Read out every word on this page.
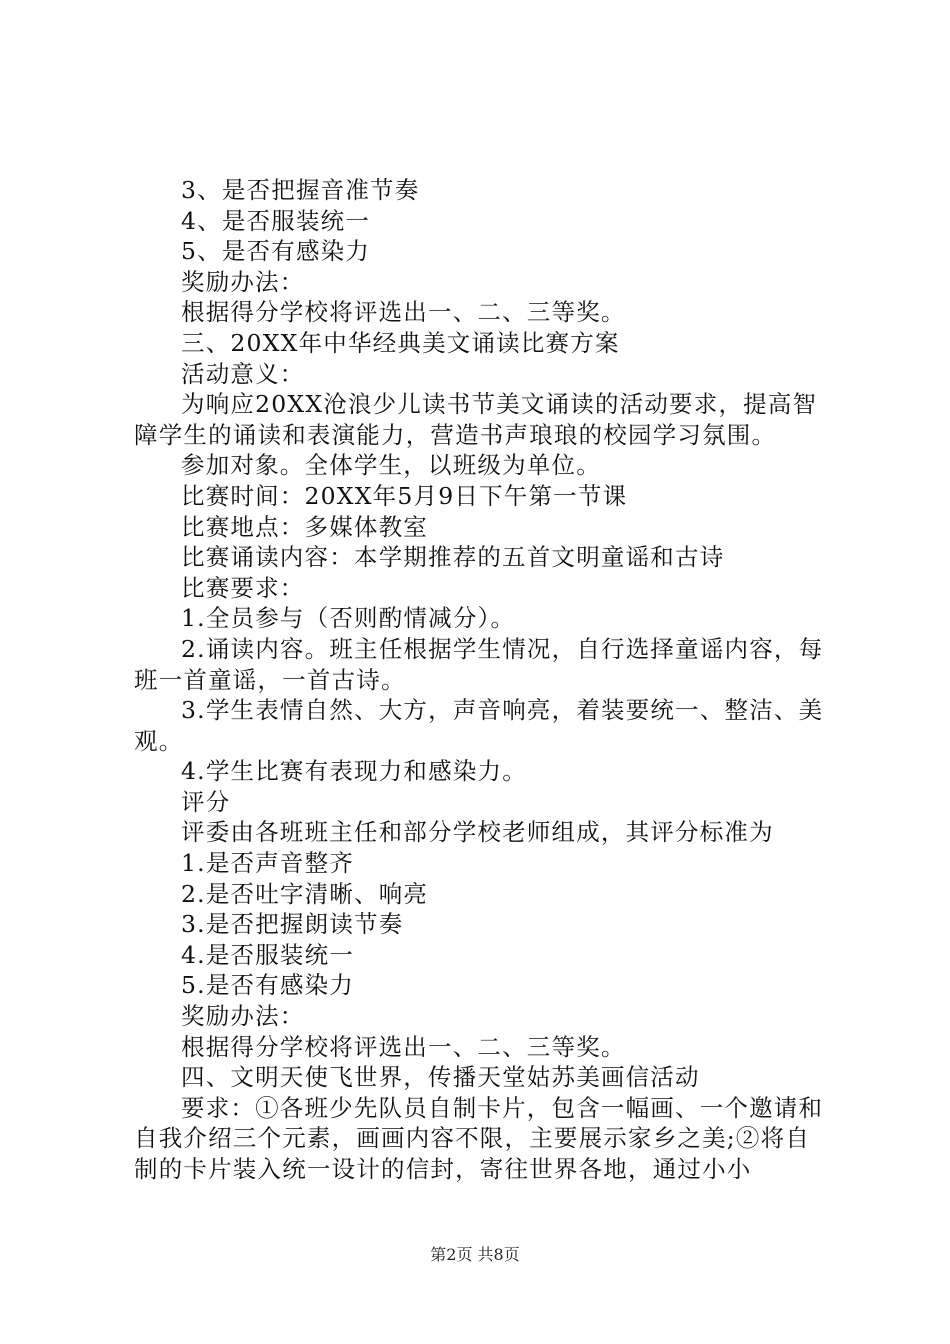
3、是否把握音准节奏

4、是否服装统一

5、是否有感染力

奖励办法：

根据得分学校将评选出一、二、三等奖。

三、20XX年中华经典美文诵读比赛方案

活动意义：

为响应20XX沧浪少儿读书节美文诵读的活动要求，提高智障学生的诵读和表演能力，营造书声琅琅的校园学习氛围。

参加对象。全体学生，以班级为单位。

比赛时间：20XX年5月9日下午第一节课

比赛地点：多媒体教室

比赛诵读内容：本学期推荐的五首文明童谣和古诗

比赛要求：

1.全员参与（否则酌情减分）。

2.诵读内容。班主任根据学生情况，自行选择童谣内容，每班一首童谣，一首古诗。

3.学生表情自然、大方，声音响亮，着装要统一、整洁、美观。

4.学生比赛有表现力和感染力。

评分

评委由各班班主任和部分学校老师组成，其评分标准为

1.是否声音整齐

2.是否吐字清晰、响亮

3.是否把握朗读节奏

4.是否服装统一

5.是否有感染力

奖励办法：

根据得分学校将评选出一、二、三等奖。

四、文明天使飞世界，传播天堂姑苏美画信活动

要求：①各班少先队员自制卡片，包含一幅画、一个邀请和自我介绍三个元素，画画内容不限，主要展示家乡之美;②将自制的卡片装入统一设计的信封，寄往世界各地，通过小小

第2页 共8页
